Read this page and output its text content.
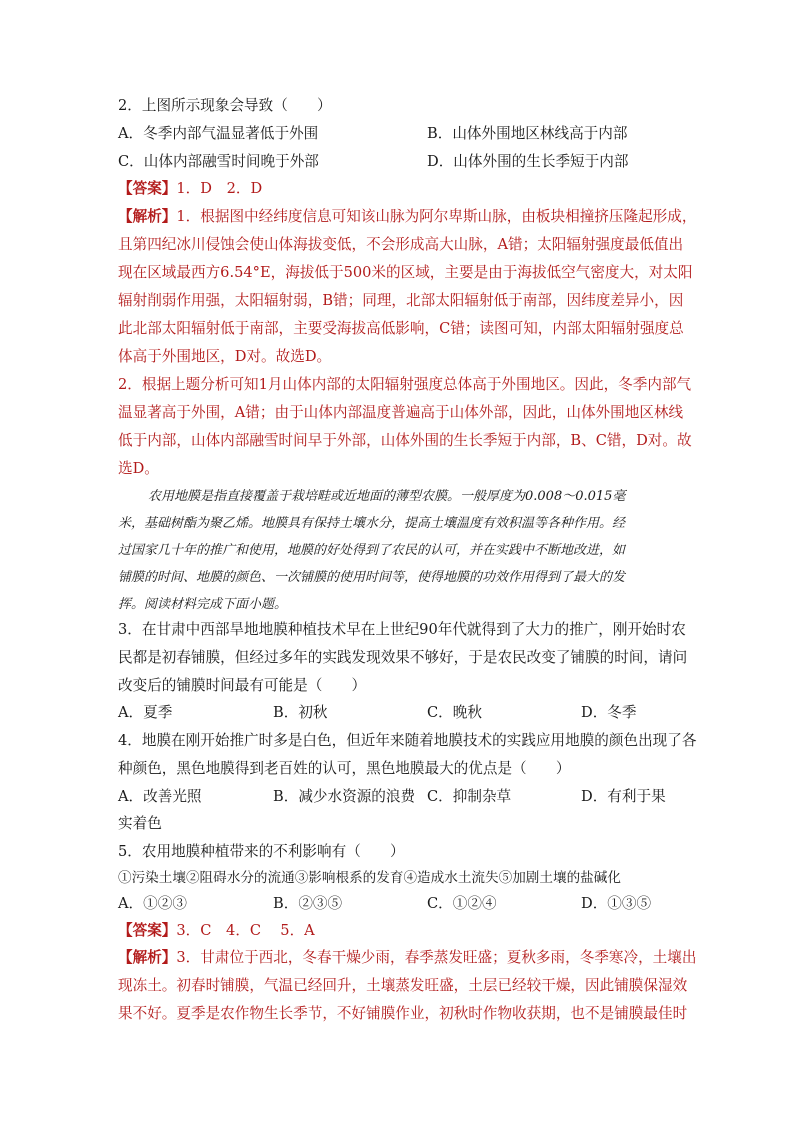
2．上图所示现象会导致（　　）
A．冬季内部气温显著低于外围	B．山体外围地区林线高于内部
C．山体内部融雪时间晚于外部	D．山体外围的生长季短于内部
【答案】1．D　2．D
【解析】1．根据图中经纬度信息可知该山脉为阿尔卑斯山脉，由板块相撞挤压隆起形成，
且第四纪冰川侵蚀会使山体海拔变低，不会形成高大山脉，A错；太阳辐射强度最低值出
现在区域最西方6.54°E，海拔低于500米的区域，主要是由于海拔低空气密度大，对太阳
辐射削弱作用强，太阳辐射弱，B错；同理，北部太阳辐射低于南部，因纬度差异小，因
此北部太阳辐射低于南部，主要受海拔高低影响，C错；读图可知，内部太阳辐射强度总
体高于外围地区，D对。故选D。
2．根据上题分析可知1月山体内部的太阳辐射强度总体高于外围地区。因此，冬季内部气
温显著高于外围，A错；由于山体内部温度普遍高于山体外部，因此，山体外围地区林线
低于内部，山体内部融雪时间早于外部，山体外围的生长季短于内部，B、C错，D对。故
选D。
农用地膜是指直接覆盖于栽培畦或近地面的薄型农膜。一般厚度为0.008～0.015毫
米，基础树酯为聚乙烯。地膜具有保持土壤水分，提高土壤温度有效积温等各种作用。经
过国家几十年的推广和使用，地膜的好处得到了农民的认可，并在实践中不断地改进，如
铺膜的时间、地膜的颜色、一次铺膜的使用时间等，使得地膜的功效作用得到了最大的发
挥。阅读材料完成下面小题。
3．在甘肃中西部旱地地膜种植技术早在上世纪90年代就得到了大力的推广，刚开始时农
民都是初春铺膜，但经过多年的实践发现效果不够好，于是农民改变了铺膜的时间，请问
改变后的铺膜时间最有可能是（　　）
A．夏季	B．初秋	C．晚秋	D．冬季
4．地膜在刚开始推广时多是白色，但近年来随着地膜技术的实践应用地膜的颜色出现了各
种颜色，黑色地膜得到老百姓的认可，黑色地膜最大的优点是（　　）
A．改善光照	B．减少水资源的浪费 C．抑制杂草	D．有利于果
实着色
5．农用地膜种植带来的不利影响有（　　）
①污染土壤②阻碍水分的流通③影响根系的发育④造成水土流失⑤加剧土壤的盐碱化
A．①②③	B．②③⑤	C．①②④	D．①③⑤
【答案】3．C　4．C　 5．A
【解析】3．甘肃位于西北，冬春干燥少雨，春季蒸发旺盛；夏秋多雨，冬季寒冷，土壤出
现冻土。初春时铺膜，气温已经回升，土壤蒸发旺盛，土层已经较干燥，因此铺膜保湿效
果不好。夏季是农作物生长季节，不好铺膜作业，初秋时作物收获期，也不是铺膜最佳时
